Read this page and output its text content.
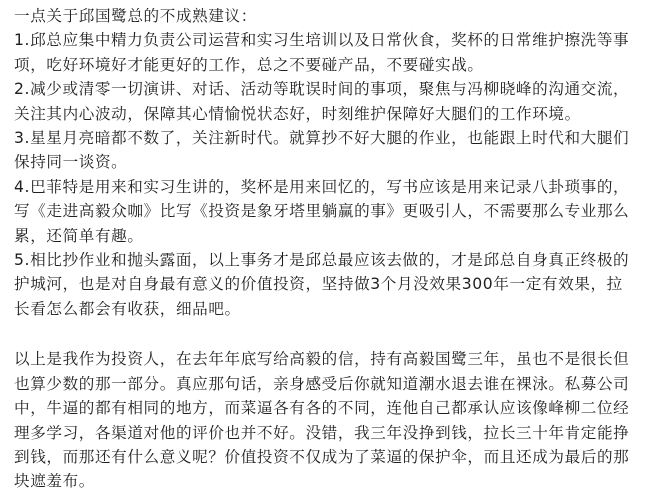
一点关于邱国鹭总的不成熟建议：

1.邱总应集中精力负责公司运营和实习生培训以及日常伙食，奖杯的日常维护擦洗等事项，吃好环境好才能更好的工作，总之不要碰产品，不要碰实战。

2.减少或清零一切演讲、对话、活动等耽误时间的事项，聚焦与冯柳晓峰的沟通交流，关注其内心波动，保障其心情愉悦状态好，时刻维护保障好大腿们的工作环境。

3.星星月亮暗都不数了，关注新时代。就算抄不好大腿的作业，也能跟上时代和大腿们保持同一谈资。

4.巴菲特是用来和实习生讲的，奖杯是用来回忆的，写书应该是用来记录八卦琐事的，写《走进高毅众咖》比写《投资是象牙塔里躺赢的事》更吸引人，不需要那么专业那么累，还简单有趣。

5.相比抄作业和抛头露面，以上事务才是邱总最应该去做的，才是邱总自身真正终极的护城河，也是对自身最有意义的价值投资，坚持做3个月没效果300年一定有效果，拉长看怎么都会有收获，细品吧。

以上是我作为投资人，在去年年底写给高毅的信，持有高毅国鹭三年，虽也不是很长但也算少数的那一部分。真应那句话，亲身感受后你就知道潮水退去谁在裸泳。私募公司中，牛逼的都有相同的地方，而菜逼各有各的不同，连他自己都承认应该像峰柳二位经理多学习，各渠道对他的评价也并不好。没错，我三年没挣到钱，拉长三十年肯定能挣到钱，而那还有什么意义呢？价值投资不仅成为了菜逼的保护伞，而且还成为最后的那块遮羞布。
